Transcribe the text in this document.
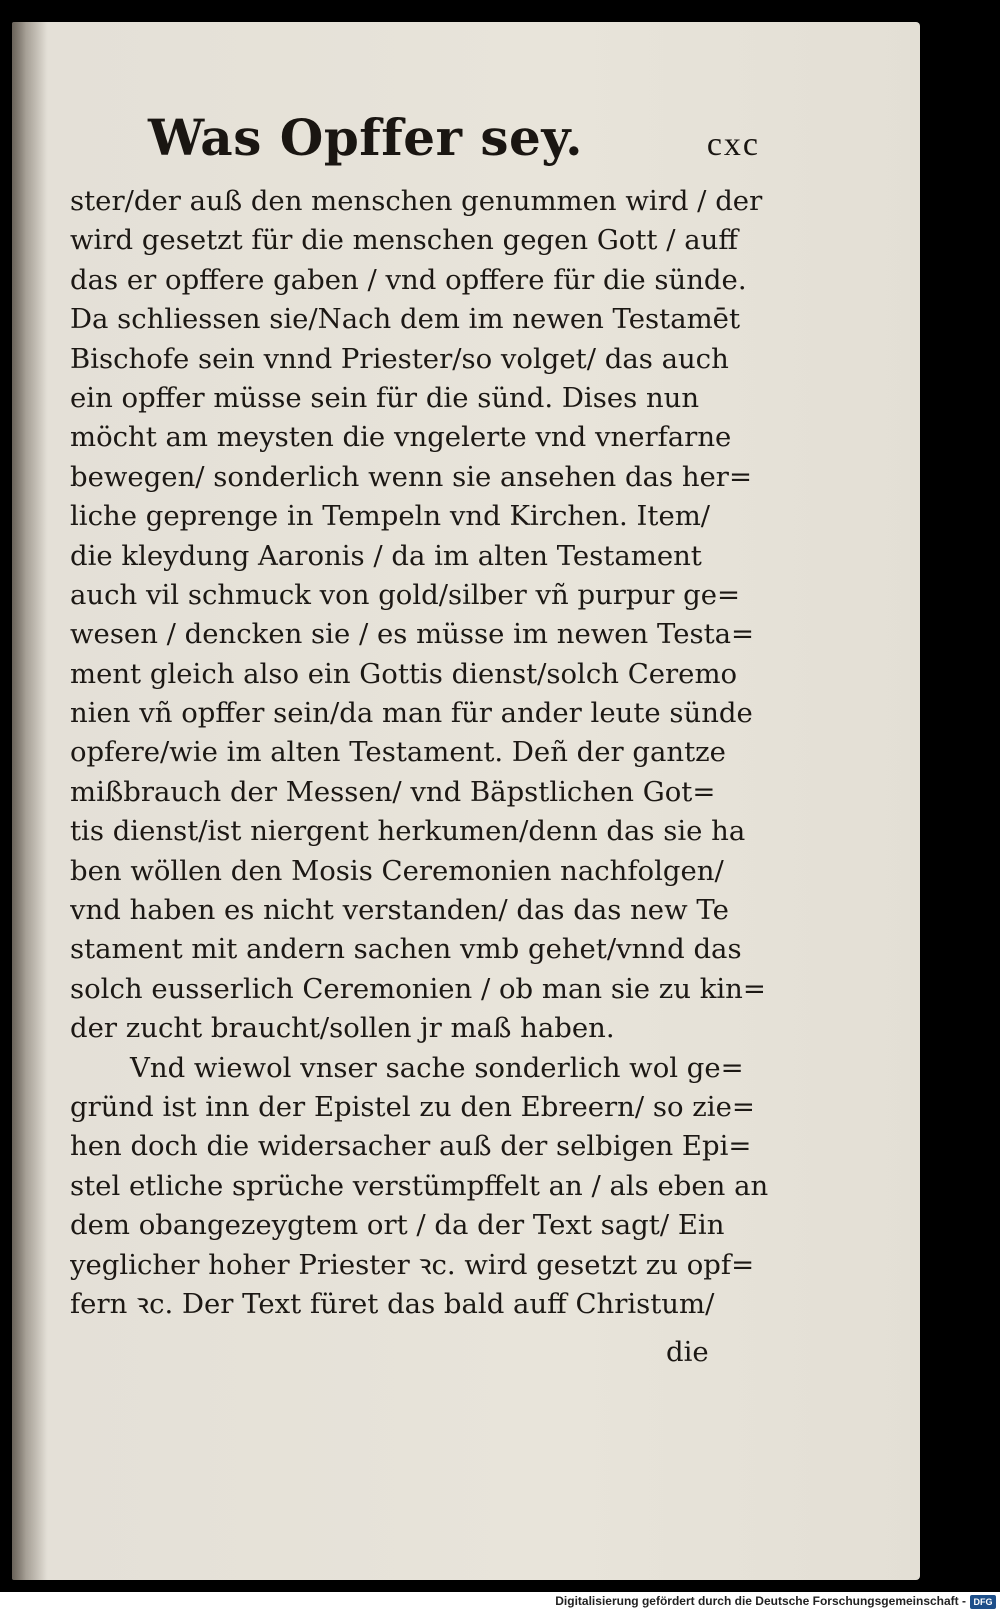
Was Opffer sey.	cxc
ster/der auß den menschen genummen wird / der
wird gesetzt für die menschen gegen Gott / auff
das er opffere gaben / vnd opffere für die sünde.
Da schliessen sie/Nach dem im newen Testamēt
Bischofe sein vnnd Priester/so volget/ das auch
ein opffer müsse sein für die sünd. Dises nun
möcht am meysten die vngelerte vnd vnerfarne
bewegen/ sonderlich wenn sie ansehen das her=
liche geprenge in Tempeln vnd Kirchen. Item/
die kleydung Aaronis / da im alten Testament
auch vil schmuck von gold/silber vñ purpur ge=
wesen / dencken sie / es müsse im newen Testa=
ment gleich also ein Gottis dienst/solch Ceremo
nien vñ opffer sein/da man für ander leute sünde
opfere/wie im alten Testament. Deñ der gantze
mißbrauch der Messen/ vnd Bäpstlichen Got=
tis dienst/ist niergent herkumen/denn das sie ha
ben wöllen den Mosis Ceremonien nachfolgen/
vnd haben es nicht verstanden/ das das new Te
stament mit andern sachen vmb gehet/vnnd das
solch eusserlich Ceremonien / ob man sie zu kin=
der zucht braucht/sollen jr maß haben.
Vnd wiewol vnser sache sonderlich wol ge=
gründ ist inn der Epistel zu den Ebreern/ so zie=
hen doch die widersacher auß der selbigen Epi=
stel etliche sprüche verstümpffelt an / als eben an
dem obangezeygtem ort / da der Text sagt/ Ein
yeglicher hoher Priester ꝛc. wird gesetzt zu opf=
fern ꝛc. Der Text füret das bald auff Christum/
die
Digitalisierung gefördert durch die Deutsche Forschungsgemeinschaft - DFG
